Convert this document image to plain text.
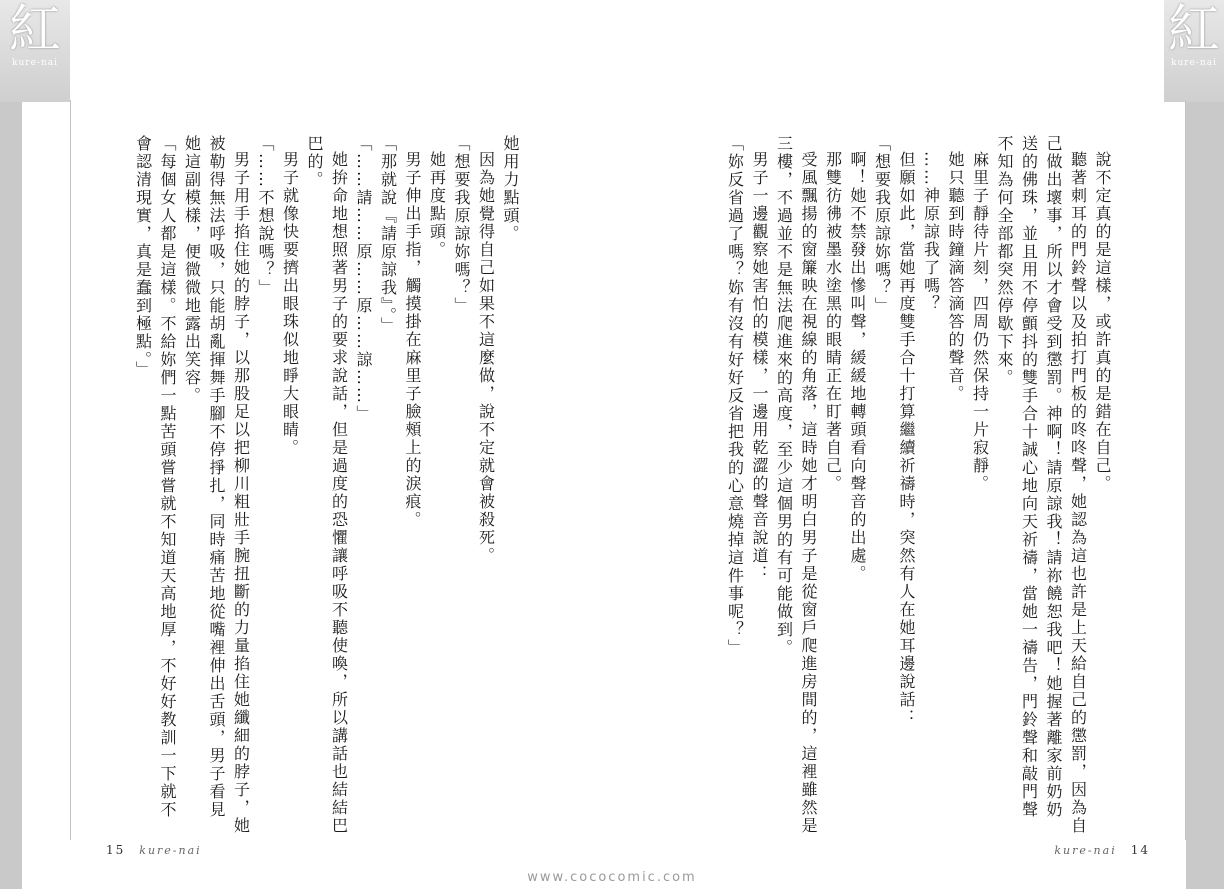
紅
kure-nai

她用力點頭。

因為她覺得自己如果不這麼做，說不定就會被殺死。

「想要我原諒妳嗎？」

她再度點頭。

男子伸出手指，觸摸掛在麻里子臉頰上的淚痕。

「那就說『請原諒我』。」

「……請……原……原……諒……」

她拚命地想照著男子的要求說話，但是過度的恐懼讓呼吸不聽使喚，所以講話也結結巴巴的。

男子就像快要擠出眼珠似地睜大眼睛。

「……不想說嗎？」

男子用手掐住她的脖子，以那股足以把柳川粗壯手腕扭斷的力量掐住她纖細的脖子，她被勒得無法呼吸，只能胡亂揮舞手腳不停掙扎，同時痛苦地從嘴裡伸出舌頭，男子看見她這副模樣，便微微地露出笑容。

「每個女人都是這樣。不給妳們一點苦頭嘗嘗就不知道天高地厚，不好好教訓一下就不會認清現實，真是蠢到極點。」

15 kure-nai
紅
kure-nai

說不定真的是這樣，或許真的是錯在自己。

聽著刺耳的門鈴聲以及拍打門板的咚咚聲，她認為這也許是上天給自己的懲罰，因為自己做出壞事，所以才會受到懲罰。神啊！請原諒我！請祢饒恕我吧！她握著離家前奶奶送的佛珠，並且用不停顫抖的雙手合十誠心地向天祈禱，當她一禱告，門鈴聲和敲門聲不知為何全部都突然停歇下來。

麻里子靜待片刻，四周仍然保持一片寂靜。

她只聽到時鐘滴答滴答的聲音。

……神原諒我了嗎？

但願如此，當她再度雙手合十打算繼續祈禱時，突然有人在她耳邊說話：

「想要我原諒妳嗎？」

啊！她不禁發出慘叫聲，緩緩地轉頭看向聲音的出處。

那雙彷彿被墨水塗黑的眼睛正在盯著自己。

受風飄揚的窗簾映在視線的角落，這時她才明白男子是從窗戶爬進房間的，這裡雖然是三樓，不過並不是無法爬進來的高度，至少這個男的有可能做到。

男子一邊觀察她害怕的模樣，一邊用乾澀的聲音說道：

「妳反省過了嗎？妳有沒有好好反省把我的心意燒掉這件事呢？」

kure-nai 14
www.cococomic.com
